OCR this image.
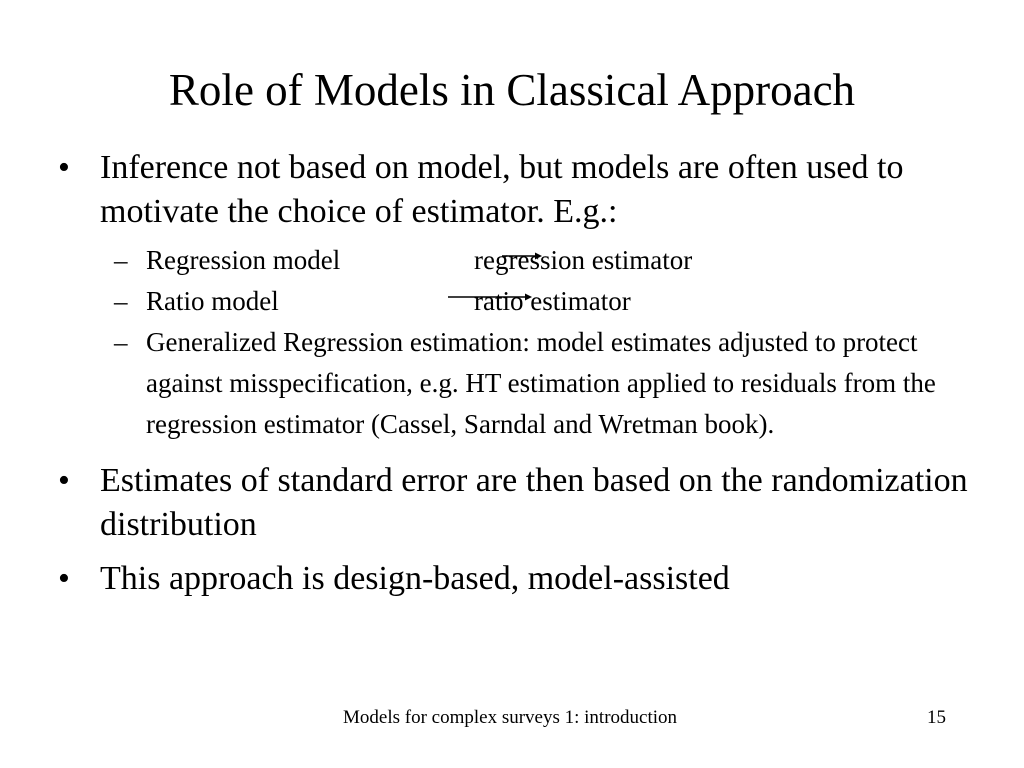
Role of Models in Classical Approach
• Inference not based on model, but models are often used to motivate the choice of estimator. E.g.:
– Regression model	regression estimator
– Ratio model	ratio estimator
– Generalized Regression estimation: model estimates adjusted to protect against misspecification, e.g. HT estimation applied to residuals from the regression estimator (Cassel, Sarndal and Wretman book).
• Estimates of standard error are then based on the randomization distribution
• This approach is design-based, model-assisted
Models for complex surveys 1: introduction	15
